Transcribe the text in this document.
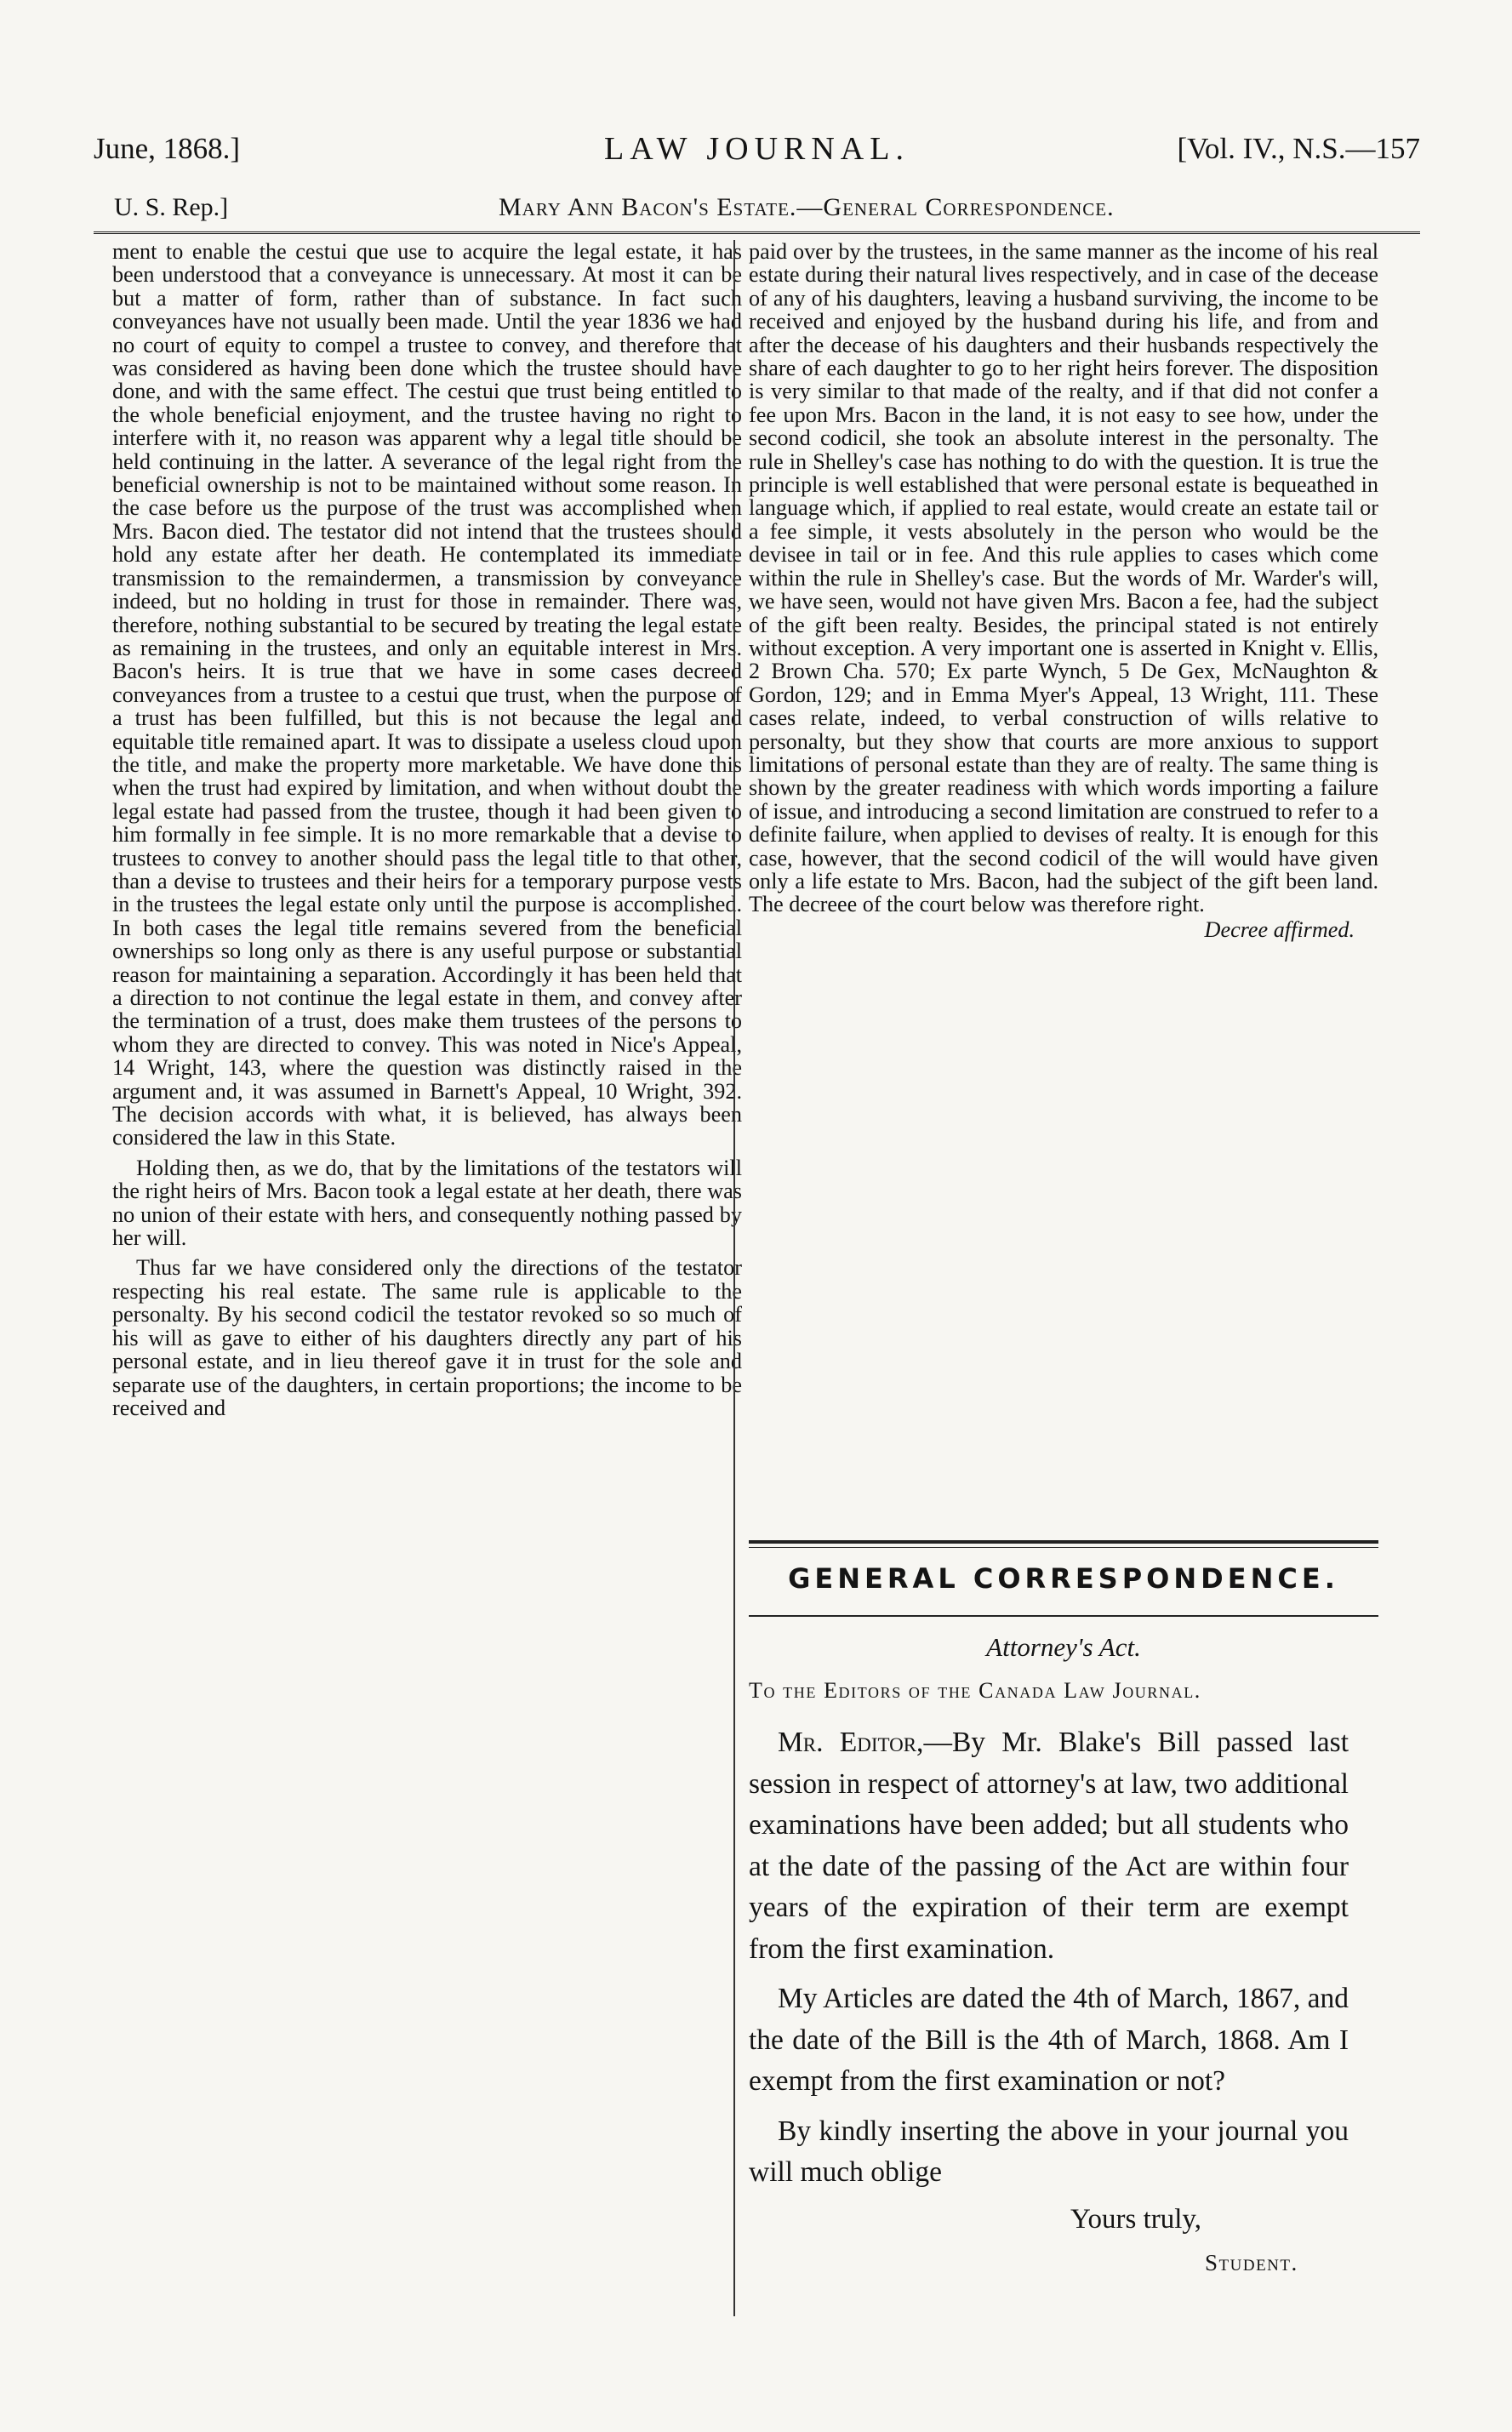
June, 1868.]	LAW JOURNAL.	[Vol. IV., N.S.—157
U. S. Rep.]	Mary Ann Bacon's Estate.—General Correspondence.

ment to enable the cestui que use to acquire the legal estate, it has been understood that a conveyance is unnecessary. At most it can be but a matter of form, rather than of substance. In fact such conveyances have not usually been made. Until the year 1836 we had no court of equity to compel a trustee to convey, and therefore that was considered as having been done which the trustee should have done, and with the same effect. The cestui que trust being entitled to the whole beneficial enjoyment, and the trustee having no right to interfere with it, no reason was apparent why a legal title should be held continuing in the latter. A severance of the legal right from the beneficial ownership is not to be maintained without some reason. In the case before us the purpose of the trust was accomplished when Mrs. Bacon died. The testator did not intend that the trustees should hold any estate after her death. He contemplated its immediate transmission to the remaindermen, a transmission by conveyance indeed, but no holding in trust for those in remainder. There was, therefore, nothing substantial to be secured by treating the legal estate as remaining in the trustees, and only an equitable interest in Mrs. Bacon's heirs. It is true that we have in some cases decreed conveyances from a trustee to a cestui que trust, when the purpose of a trust has been fulfilled, but this is not because the legal and equitable title remained apart. It was to dissipate a useless cloud upon the title, and make the property more marketable. We have done this when the trust had expired by limitation, and when without doubt the legal estate had passed from the trustee, though it had been given to him formally in fee simple. It is no more remarkable that a devise to trustees to convey to another should pass the legal title to that other, than a devise to trustees and their heirs for a temporary purpose vests in the trustees the legal estate only until the purpose is accomplished. In both cases the legal title remains severed from the beneficial ownerships so long only as there is any useful purpose or substantial reason for maintaining a separation. Accordingly it has been held that a direction to not continue the legal estate in them, and convey after the termination of a trust, does make them trustees of the persons to whom they are directed to convey. This was noted in Nice's Appeal, 14 Wright, 143, where the question was distinctly raised in the argument and, it was assumed in Barnett's Appeal, 10 Wright, 392. The decision accords with what, it is believed, has always been considered the law in this State.

Holding then, as we do, that by the limitations of the testators will the right heirs of Mrs. Bacon took a legal estate at her death, there was no union of their estate with hers, and consequently nothing passed by her will.

Thus far we have considered only the directions of the testator respecting his real estate. The same rule is applicable to the personalty. By his second codicil the testator revoked so so much of his will as gave to either of his daughters directly any part of his personal estate, and in lieu thereof gave it in trust for the sole and separate use of the daughters, in certain proportions; the income to be received and

paid over by the trustees, in the same manner as the income of his real estate during their natural lives respectively, and in case of the decease of any of his daughters, leaving a husband surviving, the income to be received and enjoyed by the husband during his life, and from and after the decease of his daughters and their husbands respectively the share of each daughter to go to her right heirs forever. The disposition is very similar to that made of the realty, and if that did not confer a fee upon Mrs. Bacon in the land, it is not easy to see how, under the second codicil, she took an absolute interest in the personalty. The rule in Shelley's case has nothing to do with the question. It is true the principle is well established that were personal estate is bequeathed in language which, if applied to real estate, would create an estate tail or a fee simple, it vests absolutely in the person who would be the devisee in tail or in fee. And this rule applies to cases which come within the rule in Shelley's case. But the words of Mr. Warder's will, we have seen, would not have given Mrs. Bacon a fee, had the subject of the gift been realty. Besides, the principal stated is not entirely without exception. A very important one is asserted in Knight v. Ellis, 2 Brown Cha. 570; Ex parte Wynch, 5 De Gex, McNaughton & Gordon, 129; and in Emma Myer's Appeal, 13 Wright, 111. These cases relate, indeed, to verbal construction of wills relative to personalty, but they show that courts are more anxious to support limitations of personal estate than they are of realty. The same thing is shown by the greater readiness with which words importing a failure of issue, and introducing a second limitation are construed to refer to a definite failure, when applied to devises of realty. It is enough for this case, however, that the second codicil of the will would have given only a life estate to Mrs. Bacon, had the subject of the gift been land. The decreee of the court below was therefore right.

Decree affirmed.
GENERAL CORRESPONDENCE.
Attorney's Act.
To the Editors of the Canada Law Journal.

Mr. Editor,—By Mr. Blake's Bill passed last session in respect of attorney's at law, two additional examinations have been added; but all students who at the date of the passing of the Act are within four years of the expiration of their term are exempt from the first examination.

My Articles are dated the 4th of March, 1867, and the date of the Bill is the 4th of March, 1868. Am I exempt from the first examination or not?

By kindly inserting the above in your journal you will much oblige

Yours truly,
Student.
